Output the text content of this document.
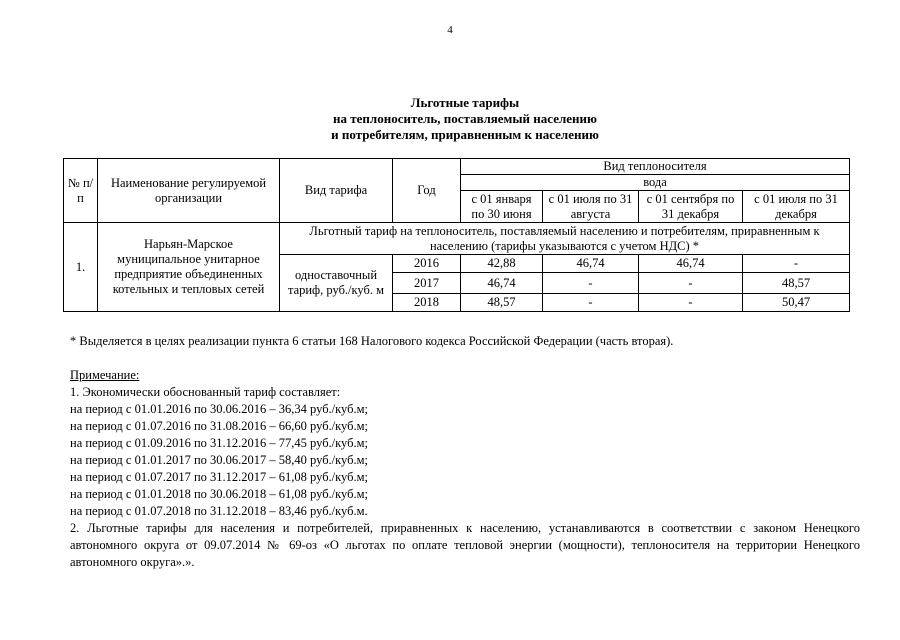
4
Льготные тарифы
на теплоноситель, поставляемый населению
и потребителям, приравненным к населению
№ п/п	Наименование регулируемой организации	Вид тарифа	Год	Вид теплоносителя			
				вода			
				с 01 января по 30 июня	с 01 июля по 31 августа	с 01 сентября по 31 декабря	с 01 июля по 31 декабря
1.	Нарьян-Марское муниципальное унитарное предприятие объединенных котельных и тепловых сетей	Льготный тариф на теплоноситель, поставляемый населению и потребителям, приравненным к населению (тарифы указываются с учетом НДС) *					
		одноставочный тариф, руб./куб. м	2016	42,88	46,74	46,74	-
			2017	46,74	-	-	48,57
			2018	48,57	-	-	50,47
* Выделяется в целях реализации пункта 6 статьи 168 Налогового кодекса Российской Федерации (часть вторая).
Примечание:
1. Экономически обоснованный тариф составляет:
на период с 01.01.2016 по 30.06.2016 – 36,34 руб./куб.м;
на период с 01.07.2016 по 31.08.2016 – 66,60 руб./куб.м;
на период с 01.09.2016 по 31.12.2016 – 77,45 руб./куб.м;
на период с 01.01.2017 по 30.06.2017 – 58,40 руб./куб.м;
на период с 01.07.2017 по 31.12.2017 – 61,08 руб./куб.м;
на период с 01.01.2018 по 30.06.2018 – 61,08 руб./куб.м;
на период с 01.07.2018 по 31.12.2018 – 83,46 руб./куб.м.
2. Льготные тарифы для населения и потребителей, приравненных к населению, устанавливаются в соответствии с законом Ненецкого автономного округа от 09.07.2014 № 69-оз «О льготах по оплате тепловой энергии (мощности), теплоносителя на территории Ненецкого автономного округа».».
